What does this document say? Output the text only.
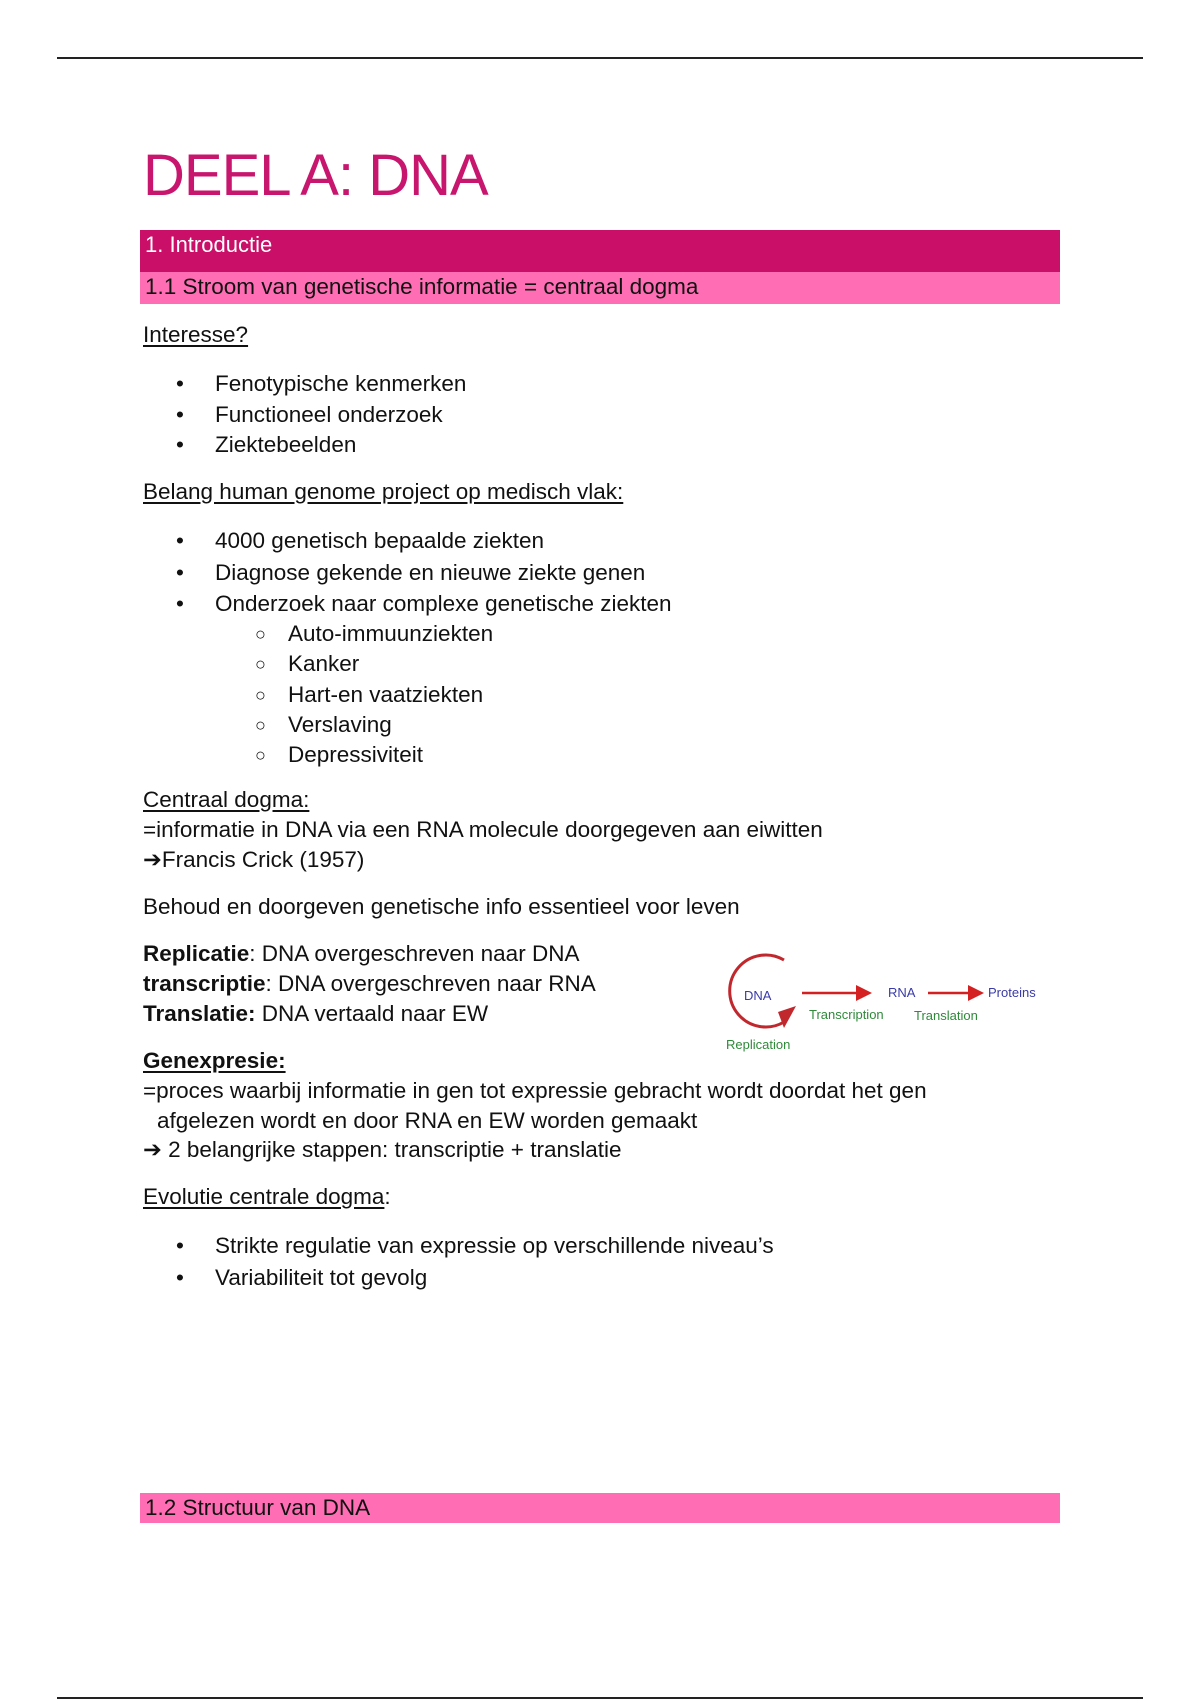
DEEL A: DNA
1. Introductie
1.1 Stroom van genetische informatie = centraal dogma
Interesse?
• Fenotypische kenmerken
• Functioneel onderzoek
• Ziektebeelden
Belang human genome project op medisch vlak:
• 4000 genetisch bepaalde ziekten
• Diagnose gekende en nieuwe ziekte genen
• Onderzoek naar complexe genetische ziekten
○ Auto-immuunziekten
○ Kanker
○ Hart-en vaatziekten
○ Verslaving
○ Depressiviteit
Centraal dogma:
=informatie in DNA via een RNA molecule doorgegeven aan eiwitten
➔Francis Crick (1957)
Behoud en doorgeven genetische info essentieel voor leven
Replicatie: DNA overgeschreven naar DNA
transcriptie: DNA overgeschreven naar RNA
Translatie: DNA vertaald naar EW
DNA	RNA	Proteins
Transcription Translation
Replication
Genexpresie:
=proces waarbij informatie in gen tot expressie gebracht wordt doordat het gen
afgelezen wordt en door RNA en EW worden gemaakt
➔ 2 belangrijke stappen: transcriptie + translatie
Evolutie centrale dogma:
• Strikte regulatie van expressie op verschillende niveau’s
• Variabiliteit tot gevolg
1.2 Structuur van DNA
